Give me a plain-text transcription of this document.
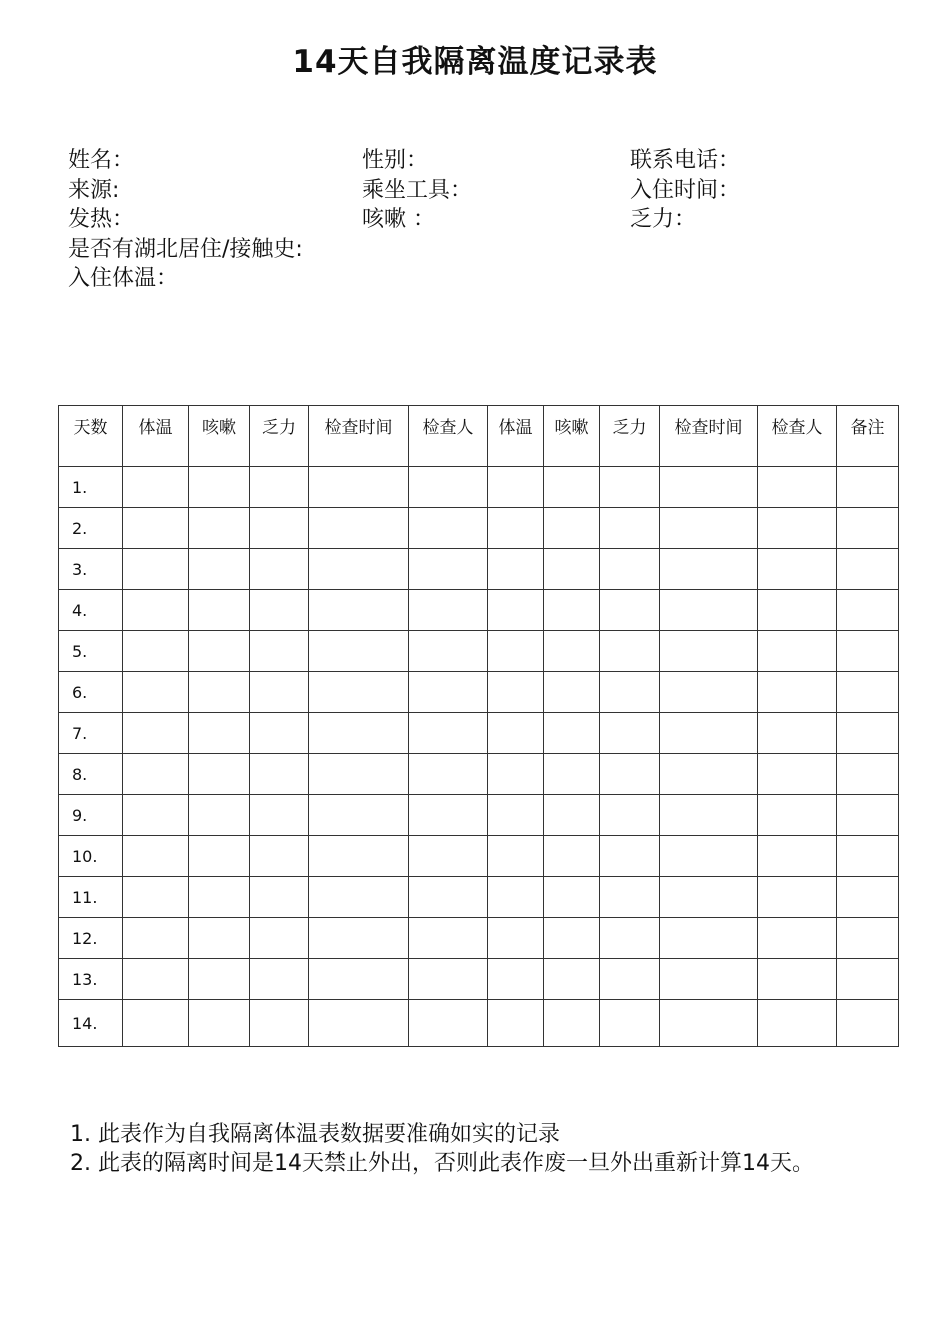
14天自我隔离温度记录表
姓名：	性别：	联系电话：
来源:	乘坐工具：	入住时间：
发热：	咳嗽 ：	乏力：
是否有湖北居住/接触史:
入住体温：
天数	体温	咳嗽	乏力	检查时间	检查人	体温	咳嗽	乏力	检查时间	检查人	备注
1.											
2.											
3.											
4.											
5.											
6.											
7.											
8.											
9.											
10.											
11.											
12.											
13.											
14.											
1. 此表作为自我隔离体温表数据要准确如实的记录
2. 此表的隔离时间是14天禁止外出，否则此表作废一旦外出重新计算14天。
